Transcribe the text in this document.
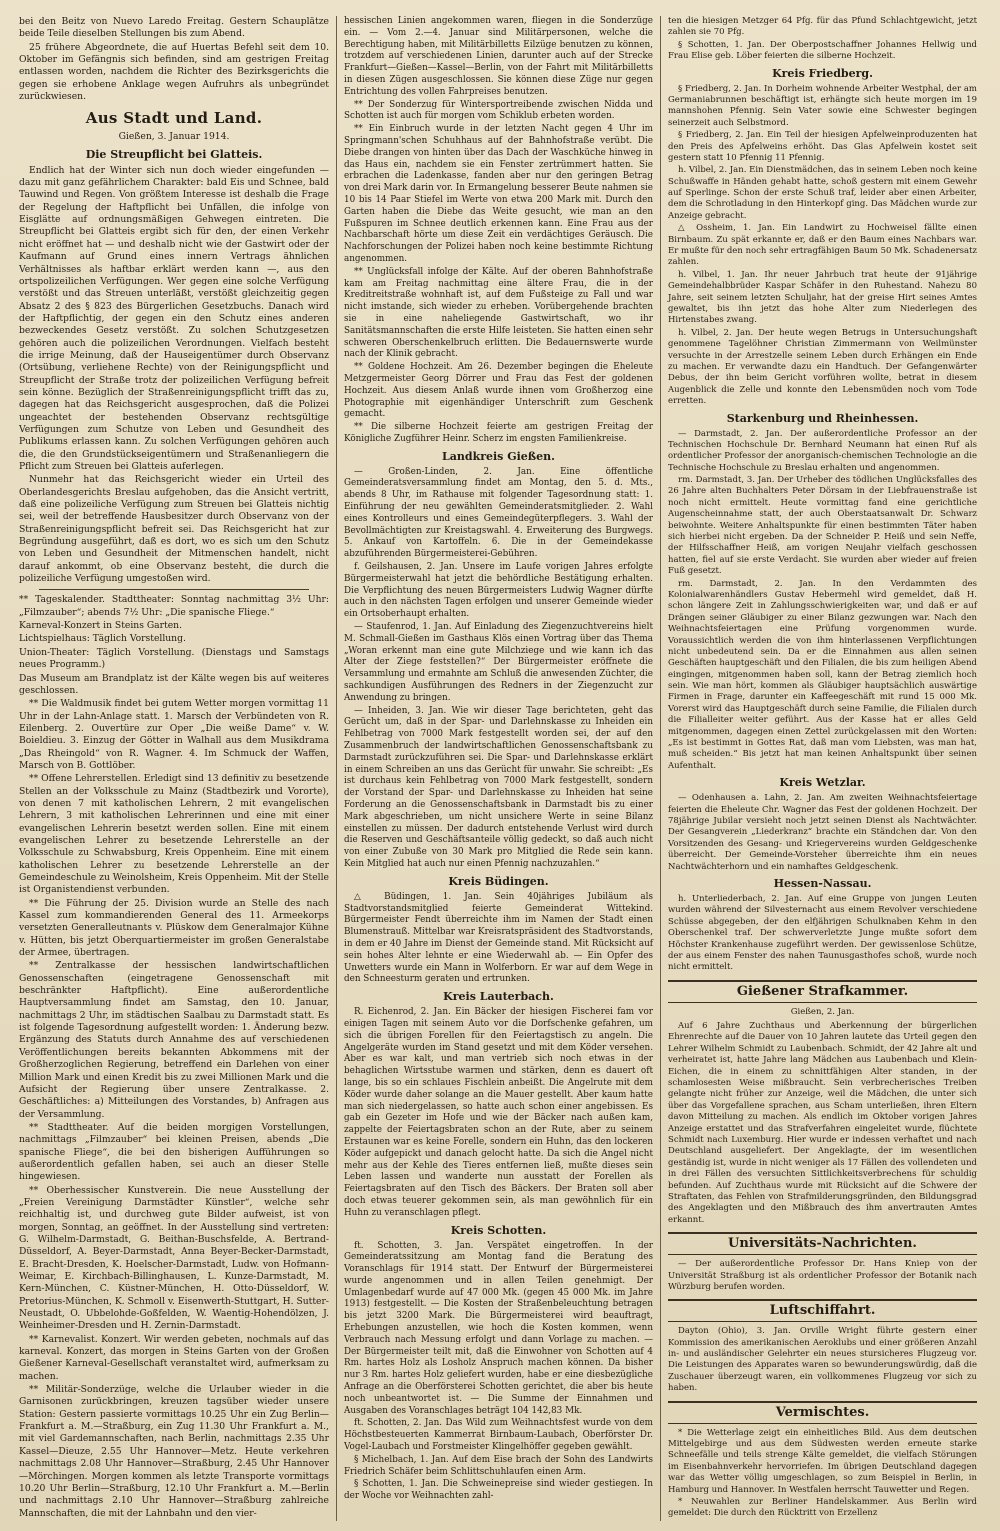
bei den Beitz von Nuevo Laredo Freitag. Gestern Schauplätze beide Teile dieselben Stellungen bis zum Abend.

25 frühere Abgeordnete, die auf Huertas Befehl seit dem 10. Oktober im Gefängnis sich befinden, sind am gestrigen Freitag entlassen worden, nachdem die Richter des Bezirksgerichts die gegen sie erhobene Anklage wegen Aufruhrs als unbegründet zurückwiesen.

Aus Stadt und Land.
Gießen, 3. Januar 1914.
Die Streupflicht bei Glatteis.

Endlich hat der Winter sich nun doch wieder eingefunden — dazu mit ganz gefährlichem Charakter: bald Eis und Schnee, bald Tauwind und Regen. Von größtem Interesse ist deshalb die Frage der Regelung der Haftpflicht bei Unfällen, die infolge von Eisglätte auf ordnungsmäßigen Gehwegen eintreten. Die Streupflicht bei Glatteis ergibt sich für den, der einen Verkehr nicht eröffnet hat — und deshalb nicht wie der Gastwirt oder der Kaufmann auf Grund eines innern Vertrags ähnlichen Verhältnisses als haftbar erklärt werden kann —, aus den ortspolizeilichen Verfügungen. Wer gegen eine solche Verfügung verstößt und das Streuen unterläßt, verstößt gleichzeitig gegen Absatz 2 des § 823 des Bürgerlichen Gesetzbuchs. Danach wird der Haftpflichtig, der gegen ein den Schutz eines anderen bezweckendes Gesetz verstößt. Zu solchen Schutzgesetzen gehören auch die polizeilichen Verordnungen. Vielfach besteht die irrige Meinung, daß der Hauseigentümer durch Observanz (Ortsübung, verliehene Rechte) von der Reinigungspflicht und Streupflicht der Straße trotz der polizeilichen Verfügung befreit sein könne. Bezüglich der Straßenreinigungspflicht trifft das zu, dagegen hat das Reichsgericht ausgesprochen, daß die Polizei ungeachtet der bestehenden Observanz rechtsgültige Verfügungen zum Schutze von Leben und Gesundheit des Publikums erlassen kann. Zu solchen Verfügungen gehören auch die, die den Grundstückseigentümern und Straßenanliegern die Pflicht zum Streuen bei Glatteis auferlegen.

Nunmehr hat das Reichsgericht wieder ein Urteil des Oberlandesgerichts Breslau aufgehoben, das die Ansicht vertritt, daß eine polizeiliche Verfügung zum Streuen bei Glatteis nichtig sei, weil der betreffende Hausbesitzer durch Observanz von der Straßenreinigungspflicht befreit sei. Das Reichsgericht hat zur Begründung ausgeführt, daß es dort, wo es sich um den Schutz von Leben und Gesundheit der Mitmenschen handelt, nicht darauf ankommt, ob eine Observanz besteht, die durch die polizeiliche Verfügung umgestoßen wird.

** Tageskalender. Stadttheater: Sonntag nachmittag 3½ Uhr: „Filmzauber“; abends 7½ Uhr: „Die spanische Fliege.“

Karneval-Konzert in Steins Garten.

Lichtspielhaus: Täglich Vorstellung.

Union-Theater: Täglich Vorstellung. (Dienstags und Samstags neues Programm.)

Das Museum am Brandplatz ist der Kälte wegen bis auf weiteres geschlossen.

** Die Waldmusik findet bei gutem Wetter morgen vormittag 11 Uhr in der Lahn-Anlage statt. 1. Marsch der Verbündeten von R. Eilenberg. 2. Ouvertüre zur Oper „Die weiße Dame“ v. W. Boieldieu. 3. Einzug der Götter in Walhall aus dem Musikdrama „Das Rheingold“ von R. Wagner. 4. Im Schmuck der Waffen, Marsch von B. Gottlöber.

** Offene Lehrerstellen. Erledigt sind 13 definitiv zu besetzende Stellen an der Volksschule zu Mainz (Stadtbezirk und Vororte), von denen 7 mit katholischen Lehrern, 2 mit evangelischen Lehrern, 3 mit katholischen Lehrerinnen und eine mit einer evangelischen Lehrerin besetzt werden sollen. Eine mit einem evangelischen Lehrer zu besetzende Lehrerstelle an der Volksschule zu Schwabsburg, Kreis Oppenheim. Eine mit einem katholischen Lehrer zu besetzende Lehrerstelle an der Gemeindeschule zu Weinolsheim, Kreis Oppenheim. Mit der Stelle ist Organistendienst verbunden.

** Die Führung der 25. Division wurde an Stelle des nach Kassel zum kommandierenden General des 11. Armeekorps versetzten Generalleutnants v. Plüskow dem Generalmajor Kühne v. Hütten, bis jetzt Oberquartiermeister im großen Generalstabe der Armee, übertragen.

** Zentralkasse der hessischen landwirtschaftlichen Genossenschaften (eingetragene Genossenschaft mit beschränkter Haftpflicht). Eine außerordentliche Hauptversammlung findet am Samstag, den 10. Januar, nachmittags 2 Uhr, im städtischen Saalbau zu Darmstadt statt. Es ist folgende Tagesordnung aufgestellt worden: 1. Änderung bezw. Ergänzung des Statuts durch Annahme des auf verschiedenen Veröffentlichungen bereits bekannten Abkommens mit der Großherzoglichen Regierung, betreffend ein Darlehen von einer Million Mark und einen Kredit bis zu zwei Millionen Mark und die Aufsicht der Regierung über unsere Zentralkasse. 2. Geschäftliches: a) Mitteilungen des Vorstandes, b) Anfragen aus der Versammlung.

** Stadttheater. Auf die beiden morgigen Vorstellungen, nachmittags „Filmzauber“ bei kleinen Preisen, abends „Die spanische Fliege“, die bei den bisherigen Aufführungen so außerordentlich gefallen haben, sei auch an dieser Stelle hingewiesen.

** Oberhessischer Kunstverein. Die neue Ausstellung der „Freien Vereinigung Darmstädter Künstler“, welche sehr reichhaltig ist, und durchweg gute Bilder aufweist, ist von morgen, Sonntag, an geöffnet. In der Ausstellung sind vertreten: G. Wilhelm-Darmstadt, G. Beithan-Buschsfelde, A. Bertrand-Düsseldorf, A. Beyer-Darmstadt, Anna Beyer-Becker-Darmstadt, E. Bracht-Dresden, K. Hoelscher-Darmstadt, Ludw. von Hofmann-Weimar, E. Kirchbach-Billinghausen, L. Kunze-Darmstadt, M. Kern-München, C. Küstner-München, H. Otto-Düsseldorf, W. Pretorius-München, K. Schmoll v. Eisenwerth-Stuttgart, H. Sutter-Neustadt, O. Ubbelohde-Goßfelden, W. Waentig-Hohendölzen, J. Weinheimer-Dresden und H. Zernin-Darmstadt.

** Karnevalist. Konzert. Wir werden gebeten, nochmals auf das karneval. Konzert, das morgen in Steins Garten von der Großen Gießener Karneval-Gesellschaft veranstaltet wird, aufmerksam zu machen.

** Militär-Sonderzüge, welche die Urlauber wieder in die Garnisonen zurückbringen, kreuzen tagsüber wieder unsere Station: Gestern passierte vormittags 10.25 Uhr ein Zug Berlin—Frankfurt a. M.—Straßburg, ein Zug 11.30 Uhr Frankfurt a. M., mit viel Gardemannschaften, nach Berlin, nachmittags 2.35 Uhr Kassel—Dieuze, 2.55 Uhr Hannover—Metz. Heute verkehren nachmittags 2.08 Uhr Hannover—Straßburg, 2.45 Uhr Hannover—Mörchingen. Morgen kommen als letzte Transporte vormittags 10.20 Uhr Berlin—Straßburg, 12.10 Uhr Frankfurt a. M.—Berlin und nachmittags 2.10 Uhr Hannover—Straßburg zahlreiche Mannschaften, die mit der Lahnbahn und den vier-

hessischen Linien angekommen waren, fliegen in die Sonderzüge ein. — Vom 2.—4. Januar sind Militärpersonen, welche die Berechtigung haben, mit Militärbilletts Eilzüge benutzen zu können, trotzdem auf verschiedenen Linien, darunter auch auf der Strecke Frankfurt—Gießen—Kassel—Berlin, von der Fahrt mit Militärbilletts in diesen Zügen ausgeschlossen. Sie können diese Züge nur gegen Entrichtung des vollen Fahrpreises benutzen.

** Der Sonderzug für Wintersportreibende zwischen Nidda und Schotten ist auch für morgen vom Schiklub erbeten worden.

** Ein Einbruch wurde in der letzten Nacht gegen 4 Uhr im Springmann'schen Schuhhaus auf der Bahnhofstraße verübt. Die Diebe drangen von hinten über das Dach der Waschküche hinweg in das Haus ein, nachdem sie ein Fenster zertrümmert hatten. Sie erbrachen die Ladenkasse, fanden aber nur den geringen Betrag von drei Mark darin vor. In Ermangelung besserer Beute nahmen sie 10 bis 14 Paar Stiefel im Werte von etwa 200 Mark mit. Durch den Garten haben die Diebe das Weite gesucht, wie man an den Fußspuren im Schnee deutlich erkennen kann. Eine Frau aus der Nachbarschaft hörte um diese Zeit ein verdächtiges Geräusch. Die Nachforschungen der Polizei haben noch keine bestimmte Richtung angenommen.

** Unglücksfall infolge der Kälte. Auf der oberen Bahnhofstraße kam am Freitag nachmittag eine ältere Frau, die in der Kreditreitstraße wohnhaft ist, auf dem Fußsteige zu Fall und war nicht imstande, sich wieder zu erheben. Vorübergehende brachten sie in eine naheliegende Gastwirtschaft, wo ihr Sanitätsmannschaften die erste Hilfe leisteten. Sie hatten einen sehr schweren Oberschenkelbruch erlitten. Die Bedauernswerte wurde nach der Klinik gebracht.

** Goldene Hochzeit. Am 26. Dezember begingen die Eheleute Metzgermeister Georg Dörrer und Frau das Fest der goldenen Hochzeit. Aus diesem Anlaß wurde ihnen vom Großherzog eine Photographie mit eigenhändiger Unterschrift zum Geschenk gemacht.

** Die silberne Hochzeit feierte am gestrigen Freitag der Königliche Zugführer Heinr. Scherz im engsten Familienkreise.

Landkreis Gießen.

— Großen-Linden, 2. Jan. Eine öffentliche Gemeinderatsversammlung findet am Montag, den 5. d. Mts., abends 8 Uhr, im Rathause mit folgender Tagesordnung statt: 1. Einführung der neu gewählten Gemeinderatsmitglieder. 2. Wahl eines Kontrolleurs und eines Gemeindegüterpflegers. 3. Wahl der Bevollmächtigten zur Kreistagswahl. 4. Erweiterung des Burgwegs. 5. Ankauf von Kartoffeln. 6. Die in der Gemeindekasse abzuführenden Bürgermeisterei-Gebühren.

f. Geilshausen, 2. Jan. Unsere im Laufe vorigen Jahres erfolgte Bürgermeisterwahl hat jetzt die behördliche Bestätigung erhalten. Die Verpflichtung des neuen Bürgermeisters Ludwig Wagner dürfte auch in den nächsten Tagen erfolgen und unserer Gemeinde wieder ein Ortsoberhaupt erhalten.

— Staufenrod, 1. Jan. Auf Einladung des Ziegenzuchtvereins hielt M. Schmall-Gießen im Gasthaus Klös einen Vortrag über das Thema „Woran erkennt man eine gute Milchziege und wie kann ich das Alter der Ziege feststellen?“ Der Bürgermeister eröffnete die Versammlung und ermahnte am Schluß die anwesenden Züchter, die sachkundigen Ausführungen des Redners in der Ziegenzucht zur Anwendung zu bringen.

— Inheiden, 3. Jan. Wie wir dieser Tage berichteten, geht das Gerücht um, daß in der Spar- und Darlehnskasse zu Inheiden ein Fehlbetrag von 7000 Mark festgestellt worden sei, der auf den Zusammenbruch der landwirtschaftlichen Genossenschaftsbank zu Darmstadt zurückzuführen sei. Die Spar- und Darlehnskasse erklärt in einem Schreiben an uns das Gerücht für unwahr. Sie schreibt: „Es ist durchaus kein Fehlbetrag von 7000 Mark festgestellt, sondern der Vorstand der Spar- und Darlehnskasse zu Inheiden hat seine Forderung an die Genossenschaftsbank in Darmstadt bis zu einer Mark abgeschrieben, um nicht unsichere Werte in seine Bilanz einstellen zu müssen. Der dadurch entstehende Verlust wird durch die Reserven und Geschäftsanteile völlig gedeckt, so daß auch nicht von einer Zubuße von 30 Mark pro Mitglied die Rede sein kann. Kein Mitglied hat auch nur einen Pfennig nachzuzahlen.“

Kreis Büdingen.

△ Büdingen, 1. Jan. Sein 40jähriges Jubiläum als Stadtvorstandsmitglied feierte Gemeinderat Wittekind. Bürgermeister Fendt überreichte ihm im Namen der Stadt einen Blumenstrauß. Mittelbar war Kreisratspräsident des Stadtvorstands, in dem er 40 Jahre im Dienst der Gemeinde stand. Mit Rücksicht auf sein hohes Alter lehnte er eine Wiederwahl ab. — Ein Opfer des Unwetters wurde ein Mann in Wolferborn. Er war auf dem Wege in den Schneesturm geraten und ertrunken.

Kreis Lauterbach.

R. Eichenrod, 2. Jan. Ein Bäcker der hiesigen Fischerei fam vor einigen Tagen mit seinem Auto vor die Dorfschenke gefahren, um sich die übrigen Forellen für den Feiertagstisch zu angeln. Die Angelgeräte wurden im Stand gesetzt und mit dem Köder versehen. Aber es war kalt, und man vertrieb sich noch etwas in der behaglichen Wirtsstube warmen und stärken, denn es dauert oft lange, bis so ein schlaues Fischlein anbeißt. Die Angelrute mit dem Köder wurde daher solange an die Mauer gestellt. Aber kaum hatte man sich niedergelassen, so hatte auch schon einer angebissen. Es gab ein Gezeter im Hofe und wie der Bäcker nach außen kam, zappelte der Feiertagsbraten schon an der Rute, aber zu seinem Erstaunen war es keine Forelle, sondern ein Huhn, das den lockeren Köder aufgepickt und danach gelocht hatte. Da sich die Angel nicht mehr aus der Kehle des Tieres entfernen ließ, mußte dieses sein Leben lassen und wanderte nun ausstatt der Forellen als Feiertagsbraten auf den Tisch des Bäckers. Der Braten soll aber doch etwas teuerer gekommen sein, als man gewöhnlich für ein Huhn zu veranschlagen pflegt.

Kreis Schotten.

ft. Schotten, 3. Jan. Verspätet eingetroffen. In der Gemeinderatssitzung am Montag fand die Beratung des Voranschlags für 1914 statt. Der Entwurf der Bürgermeisterei wurde angenommen und in allen Teilen genehmigt. Der Umlagenbedarf wurde auf 47 000 Mk. (gegen 45 000 Mk. im Jahre 1913) festgestellt. — Die Kosten der Straßenbeleuchtung betragen bis jetzt 3200 Mark. Die Bürgermeisterei wird beauftragt, Erhebungen anzustellen, wie hoch die Kosten kommen, wenn Verbrauch nach Messung erfolgt und dann Vorlage zu machen. — Der Bürgermeister teilt mit, daß die Einwohner von Schotten auf 4 Rm. hartes Holz als Losholz Anspruch machen können. Da bisher nur 3 Rm. hartes Holz geliefert wurden, habe er eine diesbezügliche Anfrage an die Oberförsterei Schotten gerichtet, die aber bis heute noch unbeantwortet ist. — Die Summe der Einnahmen und Ausgaben des Voranschlages beträgt 104 142,83 Mk.

ft. Schotten, 2. Jan. Das Wild zum Weihnachtsfest wurde von dem Höchstbesteuerten Kammerrat Birnbaum-Laubach, Oberförster Dr. Vogel-Laubach und Forstmeister Klingelhöffer gegeben gewählt.

§ Michelbach, 1. Jan. Auf dem Eise brach der Sohn des Landwirts Friedrich Schäfer beim Schlittschuhlaufen einen Arm.

§ Schotten, 1. Jan. Die Schweinepreise sind wieder gestiegen. In der Woche vor Weihnachten zahl-

ten die hiesigen Metzger 64 Pfg. für das Pfund Schlachtgewicht, jetzt zahlen sie 70 Pfg.

§ Schotten, 1. Jan. Der Oberpostschaffner Johannes Hellwig und Frau Elise geb. Löber feierten die silberne Hochzeit.

Kreis Friedberg.

§ Friedberg, 2. Jan. In Dorheim wohnende Arbeiter Westphal, der am Germaniabrunnen beschäftigt ist, erhängte sich heute morgen im 19 mannshohen Pfennig. Sein Vater sowie eine Schwester begingen seinerzeit auch Selbstmord.

§ Friedberg, 2. Jan. Ein Teil der hiesigen Apfelweinproduzenten hat den Preis des Apfelweins erhöht. Das Glas Apfelwein kostet seit gestern statt 10 Pfennig 11 Pfennig.

h. Vilbel, 2. Jan. Ein Dienstmädchen, das in seinem Leben noch keine Schußwaffe in Händen gehabt hatte, schoß gestern mit einem Gewehr auf Sperlinge. Schon der erste Schuß traf, leider aber einen Arbeiter, dem die Schrotladung in den Hinterkopf ging. Das Mädchen wurde zur Anzeige gebracht.

△ Ossheim, 1. Jan. Ein Landwirt zu Hochweisel fällte einen Birnbaum. Zu spät erkannte er, daß er den Baum eines Nachbars war. Er mußte für den noch sehr ertragfähigen Baum 50 Mk. Schadenersatz zahlen.

h. Vilbel, 1. Jan. Ihr neuer Jahrbuch trat heute der 91jährige Gemeindehalbbrüder Kaspar Schäfer in den Ruhestand. Nahezu 80 Jahre, seit seinem letzten Schuljahr, hat der greise Hirt seines Amtes gewaltet, bis ihn jetzt das hohe Alter zum Niederlegen des Hirtenstabes zwang.

h. Vilbel, 2. Jan. Der heute wegen Betrugs in Untersuchungshaft genommene Tagelöhner Christian Zimmermann von Weilmünster versuchte in der Arrestzelle seinem Leben durch Erhängen ein Ende zu machen. Er verwandte dazu ein Handtuch. Der Gefangenwärter Debus, der ihn beim Gericht vorführen wollte, betrat in diesem Augenblick die Zelle und konnte den Lebensmüden noch vom Tode erretten.

Starkenburg und Rheinhessen.

— Darmstadt, 2. Jan. Der außerordentliche Professor an der Technischen Hochschule Dr. Bernhard Neumann hat einen Ruf als ordentlicher Professor der anorganisch-chemischen Technologie an die Technische Hochschule zu Breslau erhalten und angenommen.

rm. Darmstadt, 3. Jan. Der Urheber des tödlichen Unglücksfalles des 26 Jahre alten Buchhalters Peter Dörsam in der Liebfrauenstraße ist noch nicht ermittelt. Heute vormittag fand eine gerichtliche Augenscheinnahme statt, der auch Oberstaatsanwalt Dr. Schwarz beiwohnte. Weitere Anhaltspunkte für einen bestimmten Täter haben sich hierbei nicht ergeben. Da der Schneider P. Heiß und sein Neffe, der Hilfsschaffner Heiß, am vorigen Neujahr vielfach geschossen hatten, fiel auf sie erste Verdacht. Sie wurden aber wieder auf freien Fuß gesetzt.

rm. Darmstadt, 2. Jan. In den Verdammten des Kolonialwarenhändlers Gustav Hebermehl wird gemeldet, daß H. schon längere Zeit in Zahlungsschwierigkeiten war, und daß er auf Drängen seiner Gläubiger zu einer Bilanz gezwungen war. Nach den Weihnachtsfeiertagen eine Prüfung vorgenommen wurde. Voraussichtlich werden die von ihm hinterlassenen Verpflichtungen nicht unbedeutend sein. Da er die Einnahmen aus allen seinen Geschäften hauptgeschäft und den Filialen, die bis zum heiligen Abend eingingen, mitgenommen haben soll, kann der Betrag ziemlich hoch sein. Wie man hört, kommen als Gläubiger hauptsächlich auswärtige Firmen in Frage, darunter ein Kaffeegeschäft mit rund 15 000 Mk. Vorerst wird das Hauptgeschäft durch seine Familie, die Filialen durch die Filialleiter weiter geführt. Aus der Kasse hat er alles Geld mitgenommen, dagegen einen Zettel zurückgelassen mit den Worten: „Es ist bestimmt in Gottes Rat, daß man vom Liebsten, was man hat, muß scheiden.“ Bis jetzt hat man keinen Anhaltspunkt über seinen Aufenthalt.

Kreis Wetzlar.

— Odenhausen a. Lahn, 2. Jan. Am zweiten Weihnachtsfeiertage feierten die Eheleute Chr. Wagner das Fest der goldenen Hochzeit. Der 78jährige Jubilar versieht noch jetzt seinen Dienst als Nachtwächter. Der Gesangverein „Liederkranz“ brachte ein Ständchen dar. Von den Vorsitzenden des Gesang- und Kriegervereins wurden Geldgeschenke überreicht. Der Gemeinde-Vorsteher überreichte ihm ein neues Nachtwächterhorn und ein namhaftes Geldgeschenk.

Hessen-Nassau.

h. Unterliederbach, 2. Jan. Auf eine Gruppe von jungen Leuten wurden während der Silvesternacht aus einem Revolver verschiedene Schüsse abgegeben, der den elfjährigen Schulknaben Kehm in den Oberschenkel traf. Der schwerverletzte Junge mußte sofort dem Höchster Krankenhause zugeführt werden. Der gewissenlose Schütze, der aus einem Fenster des nahen Taunusgasthofes schoß, wurde noch nicht ermittelt.

Gießener Strafkammer.
Gießen, 2. Jan.

Auf 6 Jahre Zuchthaus und Aberkennung der bürgerlichen Ehrenrechte auf die Dauer von 10 Jahren lautete das Urteil gegen den Lehrer Wilhelm Schmidt zu Laubenbach. Schmidt, der 42 Jahre alt und verheiratet ist, hatte Jahre lang Mädchen aus Laubenbach und Klein-Eichen, die in einem zu schnittfähigen Alter standen, in der schamlosesten Weise mißbraucht. Sein verbrecherisches Treiben gelangte nicht früher zur Anzeige, weil die Mädchen, die unter sich über das Vorgefallene sprachen, aus Scham unterließen, ihren Eltern davon Mitteilung zu machen. Als endlich im Oktober vorigen Jahres Anzeige erstattet und das Strafverfahren eingeleitet wurde, flüchtete Schmidt nach Luxemburg. Hier wurde er indessen verhaftet und nach Deutschland ausgeliefert. Der Angeklagte, der im wesentlichen geständig ist, wurde in nicht weniger als 17 Fällen des vollendeten und in drei Fällen des versuchten Sittlichkeitsverbrechens für schuldig befunden. Auf Zuchthaus wurde mit Rücksicht auf die Schwere der Straftaten, das Fehlen von Strafmilderungsgründen, den Bildungsgrad des Angeklagten und den Mißbrauch des ihm anvertrauten Amtes erkannt.

Universitäts-Nachrichten.

— Der außerordentliche Professor Dr. Hans Kniep von der Universität Straßburg ist als ordentlicher Professor der Botanik nach Würzburg berufen worden.

Luftschiffahrt.

Dayton (Ohio), 3. Jan. Orville Wright führte gestern einer Kommission des amerikanischen Aeroklubs und einer größeren Anzahl in- und ausländischer Gelehrter ein neues stursicheres Flugzeug vor. Die Leistungen des Apparates waren so bewunderungswürdig, daß die Zuschauer überzeugt waren, ein vollkommenes Flugzeug vor sich zu haben.

Vermischtes.

* Die Wetterlage zeigt ein einheitliches Bild. Aus dem deutschen Mittelgebirge und aus dem Südwesten werden erneute starke Schneefälle und teils strenge Kälte gemeldet, die vielfach Störungen im Eisenbahnverkehr hervorriefen. Im übrigen Deutschland dagegen war das Wetter völlig umgeschlagen, so zum Beispiel in Berlin, in Hamburg und Hannover. In Westfalen herrscht Tauwetter und Regen.

* Neuwahlen zur Berliner Handelskammer. Aus Berlin wird gemeldet: Die durch den Rücktritt von Erzellenz
